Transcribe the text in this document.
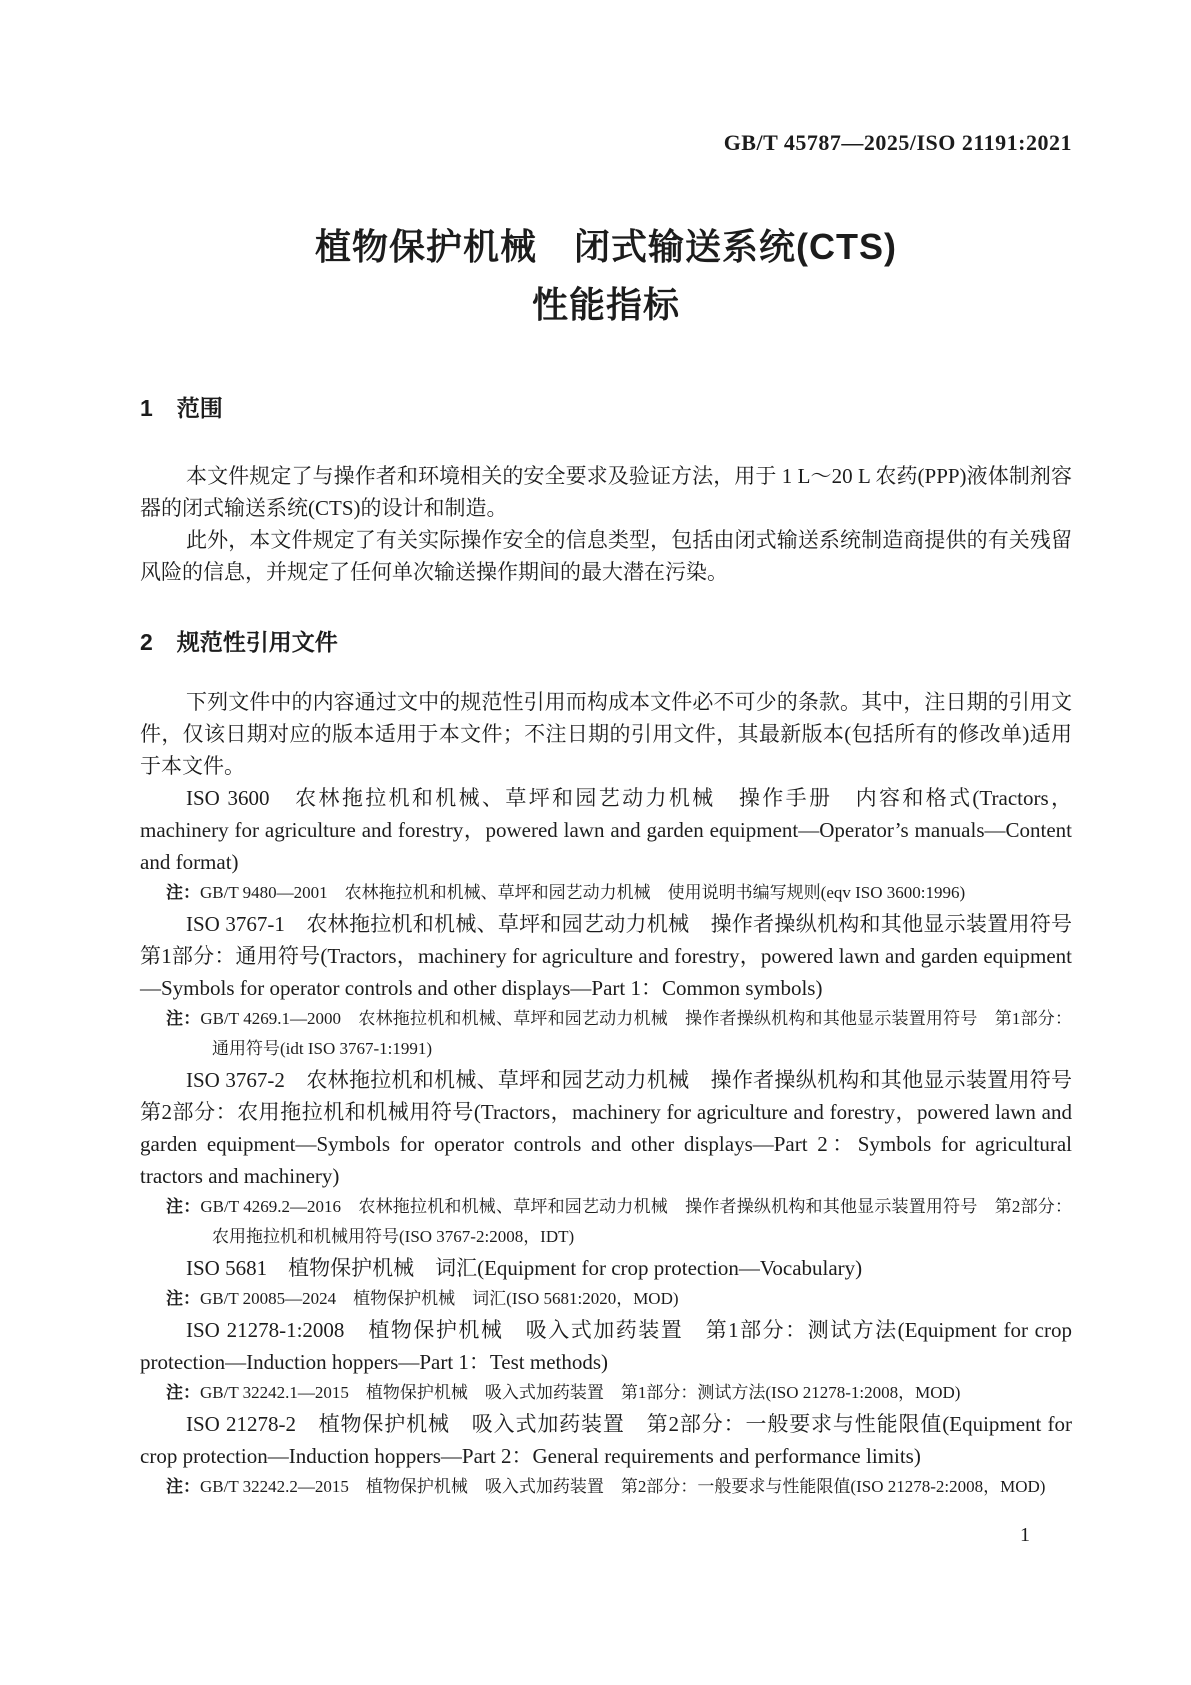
GB/T 45787—2025/ISO 21191:2021
植物保护机械　闭式输送系统(CTS)
性能指标
1 范围

本文件规定了与操作者和环境相关的安全要求及验证方法，用于 1 L～20 L 农药(PPP)液体制剂容器的闭式输送系统(CTS)的设计和制造。

此外，本文件规定了有关实际操作安全的信息类型，包括由闭式输送系统制造商提供的有关残留风险的信息，并规定了任何单次输送操作期间的最大潜在污染。

2 规范性引用文件

下列文件中的内容通过文中的规范性引用而构成本文件必不可少的条款。其中，注日期的引用文件，仅该日期对应的版本适用于本文件；不注日期的引用文件，其最新版本(包括所有的修改单)适用于本文件。

ISO 3600　农林拖拉机和机械、草坪和园艺动力机械　操作手册　内容和格式(Tractors，machinery for agriculture and forestry，powered lawn and garden equipment—Operator’s manuals—Content and format)

注：GB/T 9480—2001　农林拖拉机和机械、草坪和园艺动力机械　使用说明书编写规则(eqv ISO 3600:1996)

ISO 3767-1　农林拖拉机和机械、草坪和园艺动力机械　操作者操纵机构和其他显示装置用符号　第1部分：通用符号(Tractors，machinery for agriculture and forestry，powered lawn and garden equipment—Symbols for operator controls and other displays—Part 1：Common symbols)

注：GB/T 4269.1—2000　农林拖拉机和机械、草坪和园艺动力机械　操作者操纵机构和其他显示装置用符号　第1部分：通用符号(idt ISO 3767-1:1991)

ISO 3767-2　农林拖拉机和机械、草坪和园艺动力机械　操作者操纵机构和其他显示装置用符号　第2部分：农用拖拉机和机械用符号(Tractors，machinery for agriculture and forestry，powered lawn and garden equipment—Symbols for operator controls and other displays—Part 2：Symbols for agricultural tractors and machinery)

注：GB/T 4269.2—2016　农林拖拉机和机械、草坪和园艺动力机械　操作者操纵机构和其他显示装置用符号　第2部分：农用拖拉机和机械用符号(ISO 3767-2:2008，IDT)

ISO 5681　植物保护机械　词汇(Equipment for crop protection—Vocabulary)

注：GB/T 20085—2024　植物保护机械　词汇(ISO 5681:2020，MOD)

ISO 21278-1:2008　植物保护机械　吸入式加药装置　第1部分：测试方法(Equipment for crop protection—Induction hoppers—Part 1：Test methods)

注：GB/T 32242.1—2015　植物保护机械　吸入式加药装置　第1部分：测试方法(ISO 21278-1:2008，MOD)

ISO 21278-2　植物保护机械　吸入式加药装置　第2部分：一般要求与性能限值(Equipment for crop protection—Induction hoppers—Part 2：General requirements and performance limits)

注：GB/T 32242.2—2015　植物保护机械　吸入式加药装置　第2部分：一般要求与性能限值(ISO 21278-2:2008，MOD)

1
